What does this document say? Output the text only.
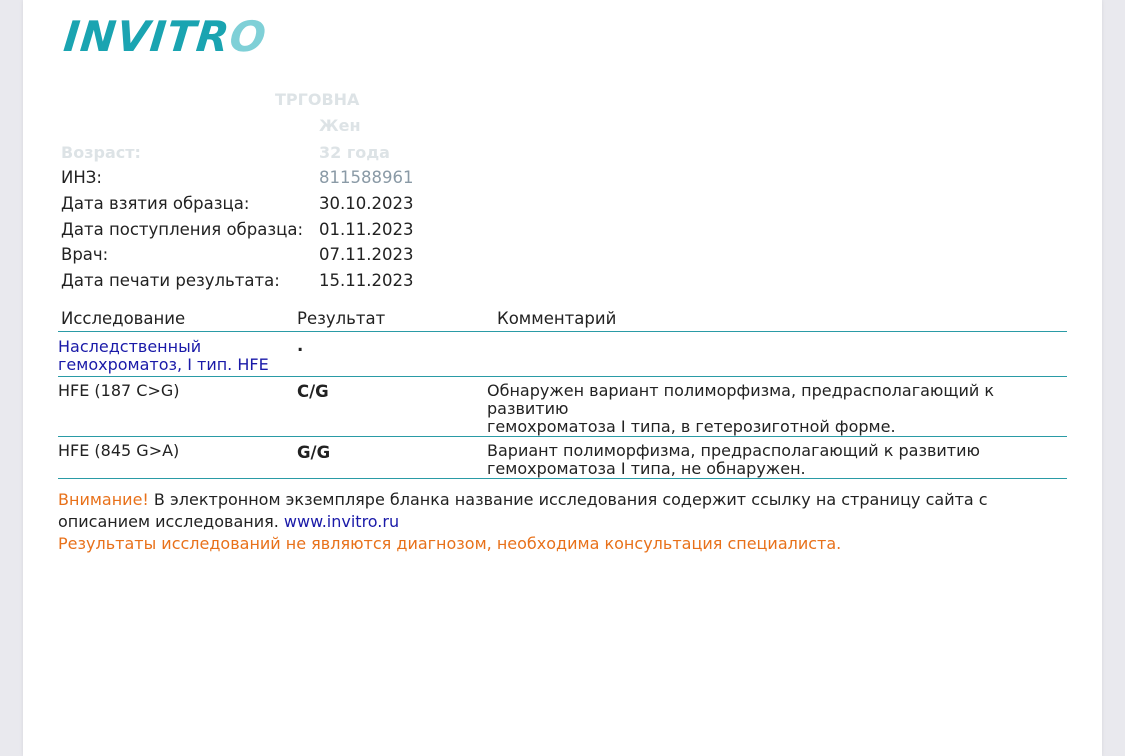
INVITRO
ТРГОВНА
Жен
Возраст:	32 года
ИНЗ:	811588961
Дата взятия образца:	30.10.2023
Дата поступления образца: 01.11.2023
Врач:	07.11.2023
Дата печати результата: 15.11.2023
Исследование	Результат	Комментарий
Наследственный
гемохроматоз, I тип. HFE
.
HFE (187 C>G)	C/G	Обнаружен вариант полиморфизма, предрасполагающий к
развитию
гемохроматоза I типа, в гетерозиготной форме.
HFE (845 G>A)	G/G	Вариант полиморфизма, предрасполагающий к развитию
гемохроматоза I типа, не обнаружен.
Внимание! В электронном экземпляре бланка название исследования содержит ссылку на страницу сайта с описанием исследования. www.invitro.ru
Результаты исследований не являются диагнозом, необходима консультация специалиста.
